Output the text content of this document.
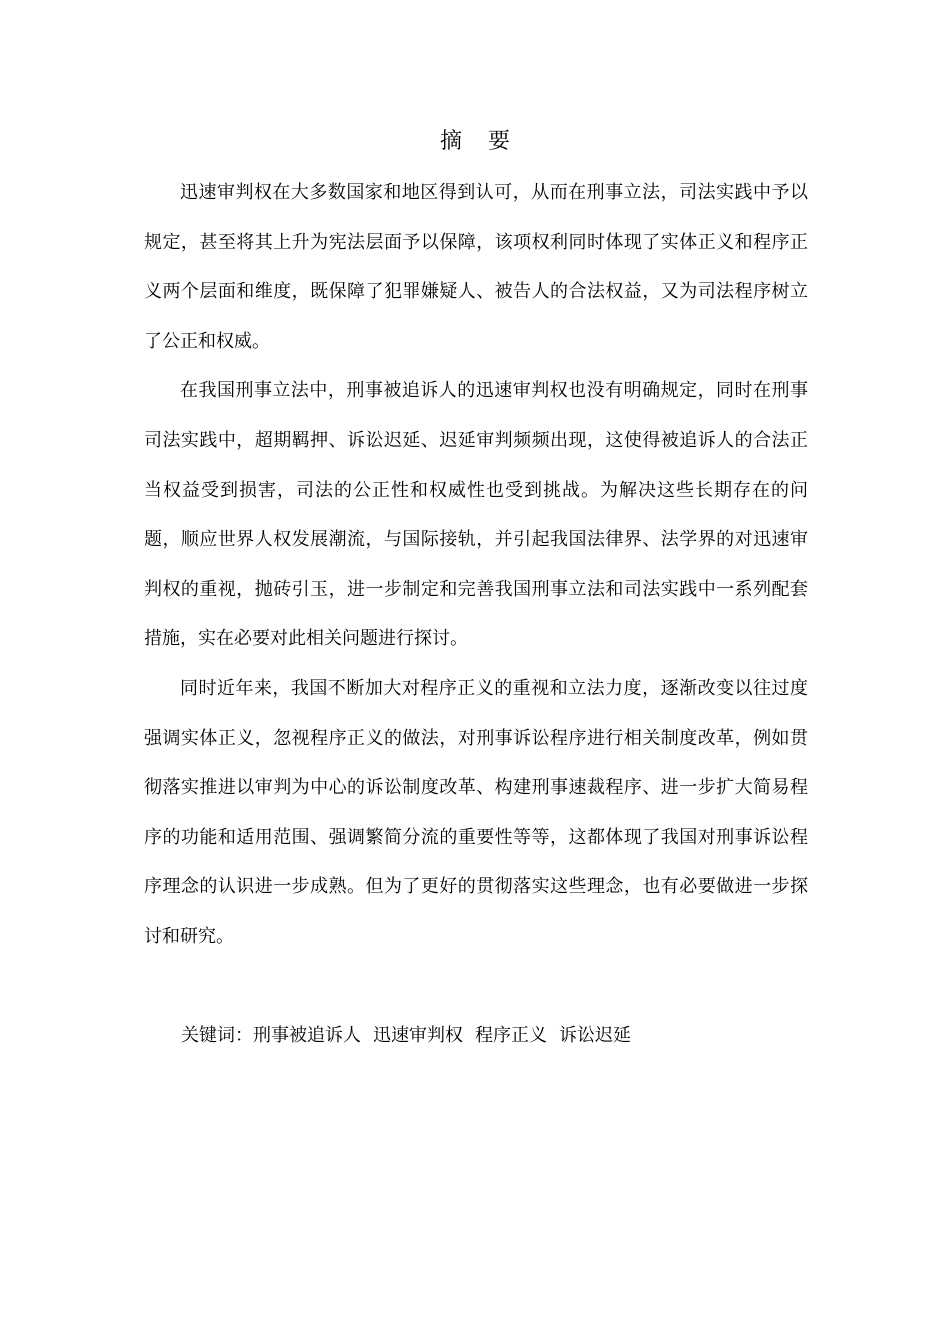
摘要

迅速审判权在大多数国家和地区得到认可，从而在刑事立法，司法实践中予以规定，甚至将其上升为宪法层面予以保障，该项权利同时体现了实体正义和程序正义两个层面和维度，既保障了犯罪嫌疑人、被告人的合法权益，又为司法程序树立了公正和权威。

在我国刑事立法中，刑事被追诉人的迅速审判权也没有明确规定，同时在刑事司法实践中，超期羁押、诉讼迟延、迟延审判频频出现，这使得被追诉人的合法正当权益受到损害，司法的公正性和权威性也受到挑战。为解决这些长期存在的问题，顺应世界人权发展潮流，与国际接轨，并引起我国法律界、法学界的对迅速审判权的重视，抛砖引玉，进一步制定和完善我国刑事立法和司法实践中一系列配套措施，实在必要对此相关问题进行探讨。

同时近年来，我国不断加大对程序正义的重视和立法力度，逐渐改变以往过度强调实体正义，忽视程序正义的做法，对刑事诉讼程序进行相关制度改革，例如贯彻落实推进以审判为中心的诉讼制度改革、构建刑事速裁程序、进一步扩大简易程序的功能和适用范围、强调繁简分流的重要性等等，这都体现了我国对刑事诉讼程序理念的认识进一步成熟。但为了更好的贯彻落实这些理念，也有必要做进一步探讨和研究。

关键词：刑事被追诉人 迅速审判权 程序正义 诉讼迟延
